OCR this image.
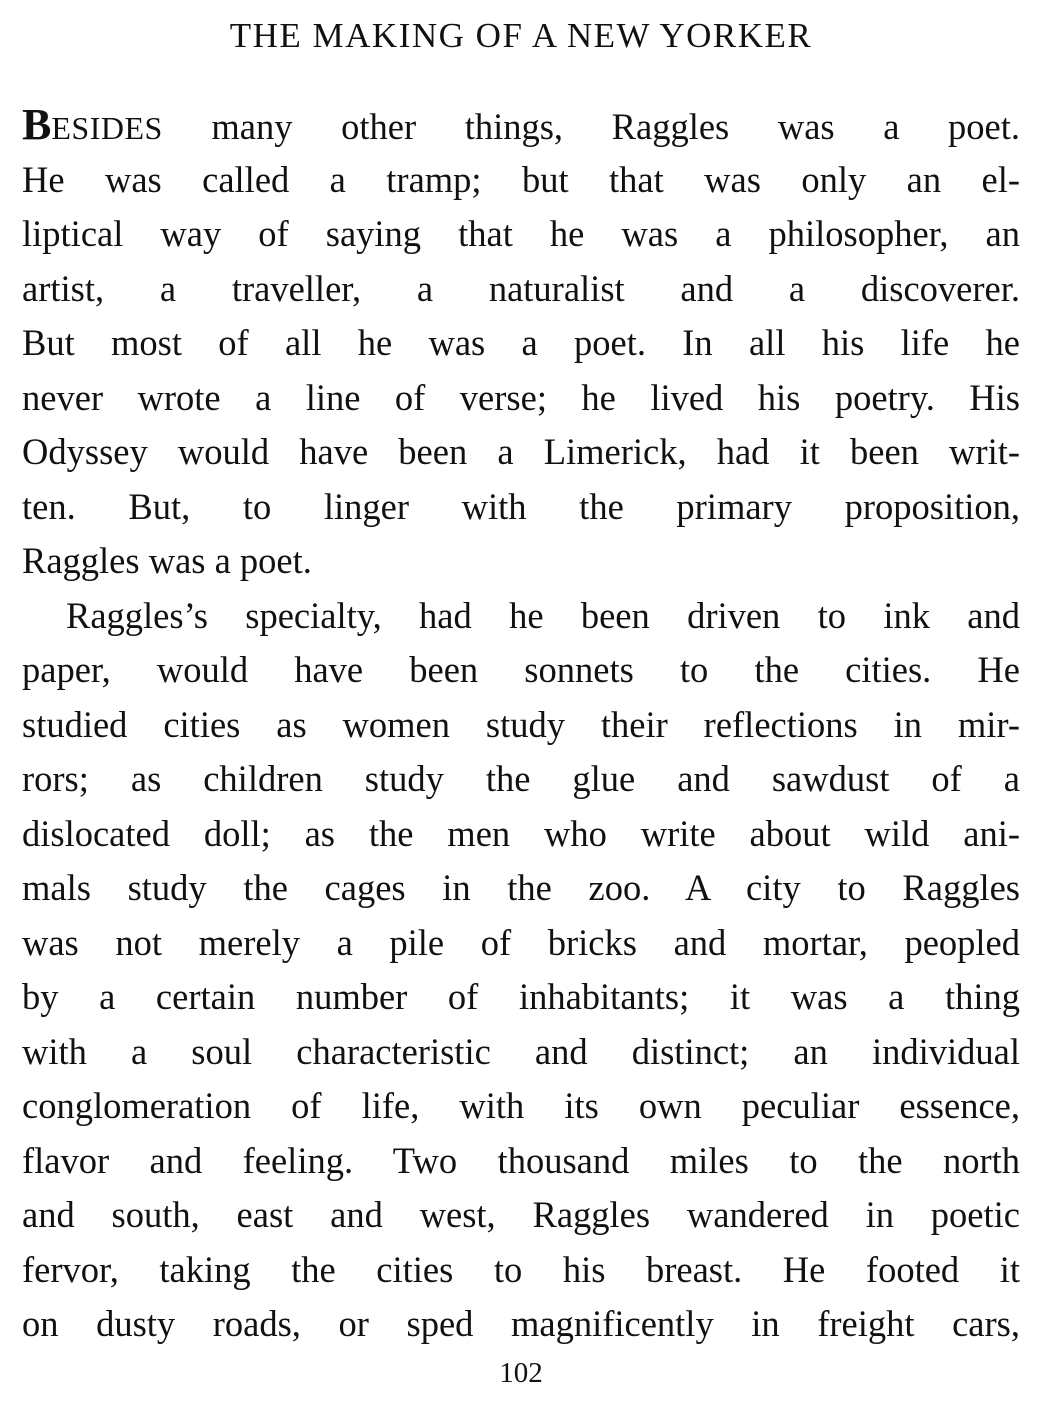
THE MAKING OF A NEW YORKER
BESIDES many other things, Raggles was a poet.
He was called a tramp; but that was only an el-
liptical way of saying that he was a philosopher, an
artist, a traveller, a naturalist and a discoverer.
But most of all he was a poet. In all his life he
never wrote a line of verse; he lived his poetry. His
Odyssey would have been a Limerick, had it been writ-
ten. But, to linger with the primary proposition,
Raggles was a poet.
Raggles’s specialty, had he been driven to ink and
paper, would have been sonnets to the cities. He
studied cities as women study their reflections in mir-
rors; as children study the glue and sawdust of a
dislocated doll; as the men who write about wild ani-
mals study the cages in the zoo. A city to Raggles
was not merely a pile of bricks and mortar, peopled
by a certain number of inhabitants; it was a thing
with a soul characteristic and distinct; an individual
conglomeration of life, with its own peculiar essence,
flavor and feeling. Two thousand miles to the north
and south, east and west, Raggles wandered in poetic
fervor, taking the cities to his breast. He footed it
on dusty roads, or sped magnificently in freight cars,
102
